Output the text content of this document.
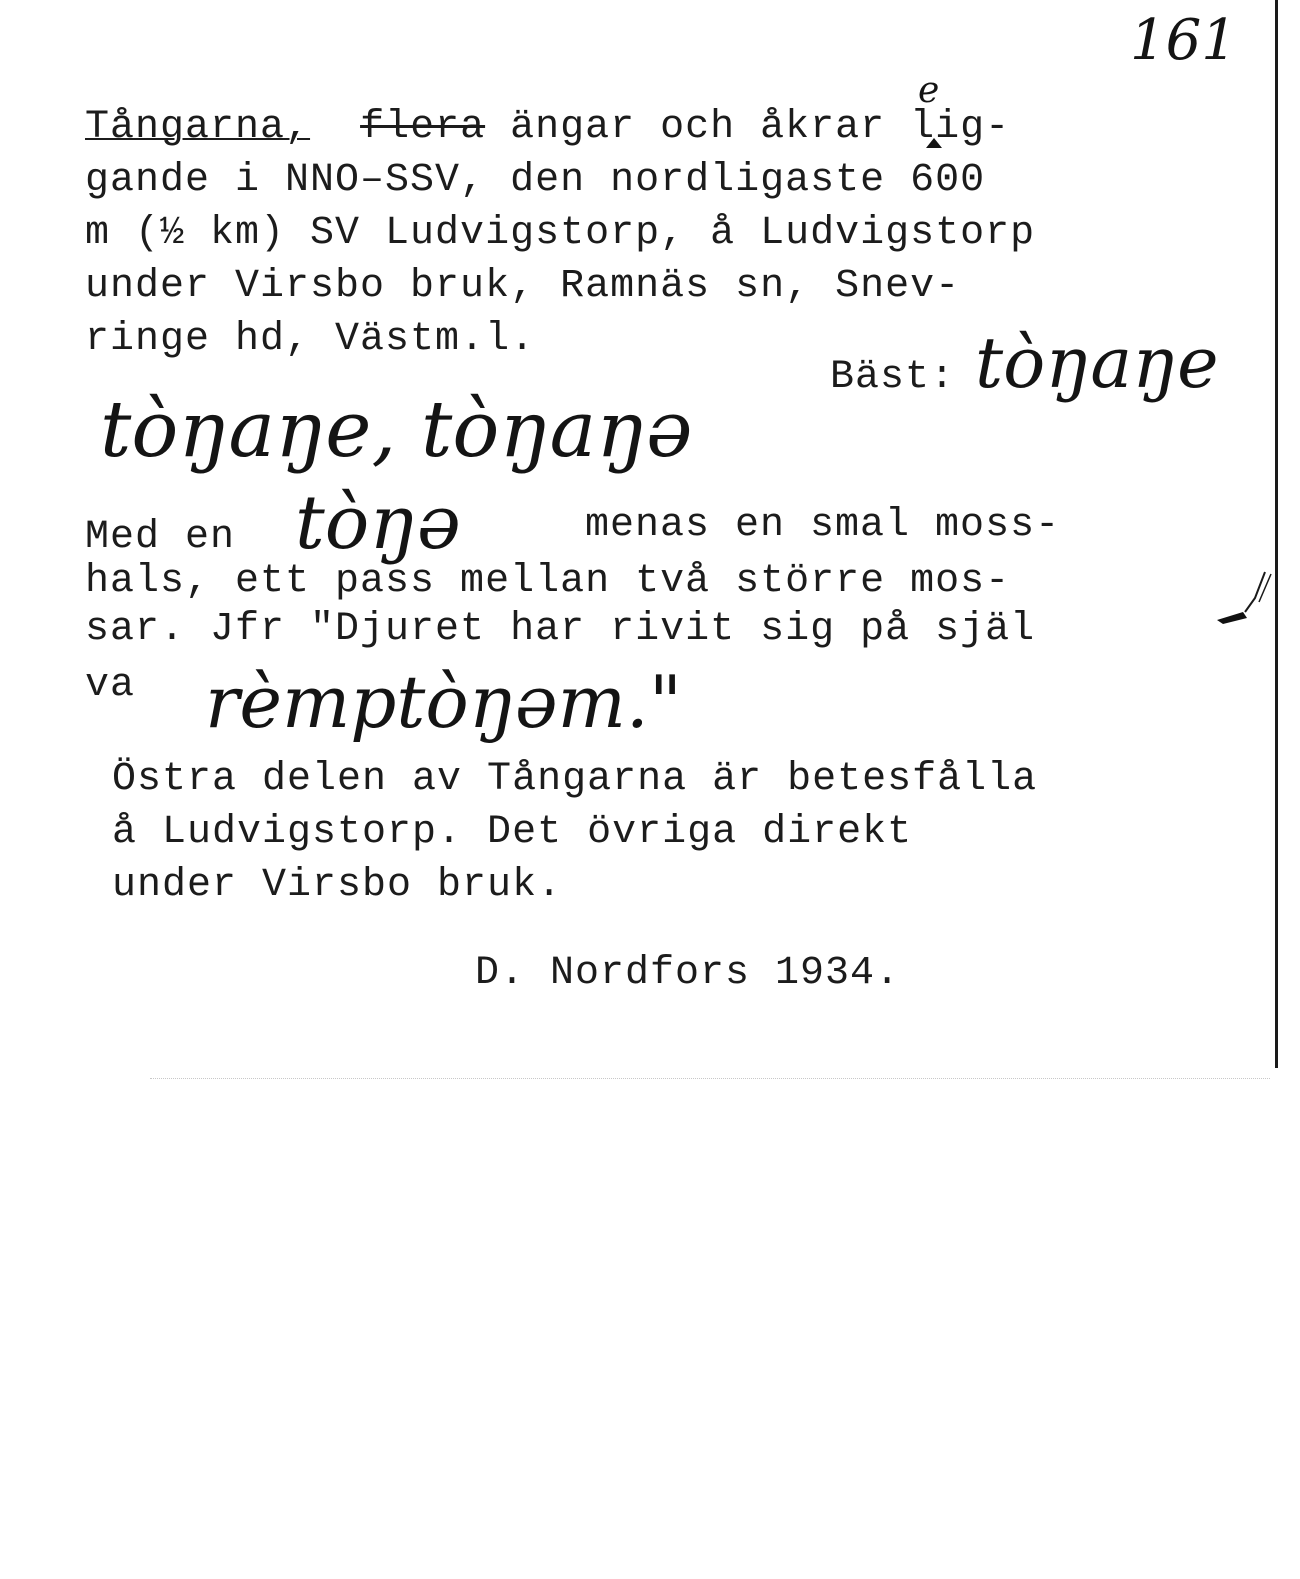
161
e
Tångarna, flera ängar och åkrar lig-
gande i NNO–SSV, den nordligaste 600
m (½ km) SV Ludvigstorp, å Ludvigstorp
under Virsbo bruk, Ramnäs sn, Snev-
ringe hd, Västm.l.
Bäst: tòŋaŋe
tòŋaŋe, tòŋaŋə
Med en tòŋə	menas en smal moss-
hals, ett pass mellan två större mos-
sar. Jfr "Djuret har rivit sig på själ
va rèmptòŋəm."
Östra delen av Tångarna är betesfålla
å Ludvigstorp. Det övriga direkt
under Virsbo bruk.
D. Nordfors 1934.
